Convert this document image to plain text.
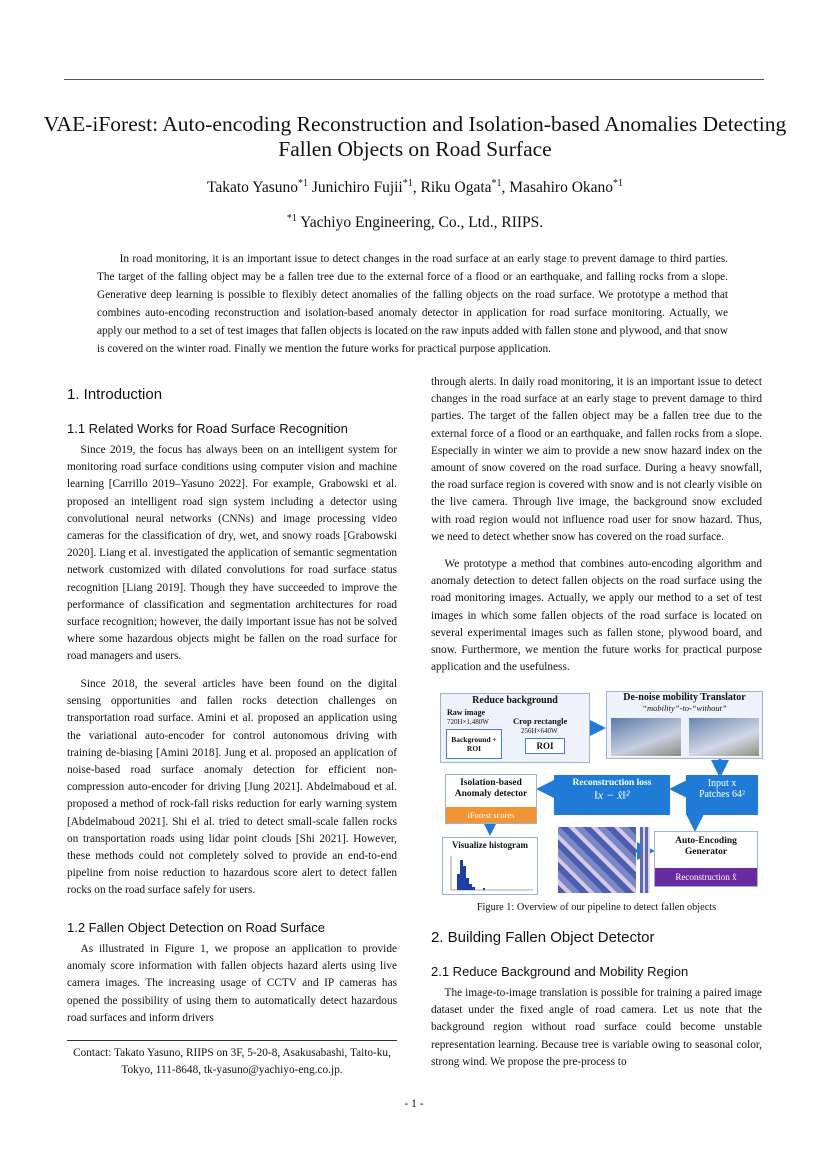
VAE-iForest: Auto-encoding Reconstruction and Isolation-based Anomalies Detecting Fallen Objects on Road Surface
Takato Yasuno$^{*1}$ Junichiro Fujii$^{*1}$, Riku Ogata$^{*1}$, Masahiro Okano$^{*1}$
$^{*1}$ Yachiyo Engineering, Co., Ltd., RIIPS.
In road monitoring, it is an important issue to detect changes in the road surface at an early stage to prevent damage to third parties. The target of the falling object may be a fallen tree due to the external force of a flood or an earthquake, and falling rocks from a slope. Generative deep learning is possible to flexibly detect anomalies of the falling objects on the road surface. We prototype a method that combines auto-encoding reconstruction and isolation-based anomaly detector in application for road surface monitoring. Actually, we apply our method to a set of test images that fallen objects is located on the raw inputs added with fallen stone and plywood, and that snow is covered on the winter road. Finally we mention the future works for practical purpose application.
1. Introduction
1.1 Related Works for Road Surface Recognition

Since 2019, the focus has always been on an intelligent system for monitoring road surface conditions using computer vision and machine learning [Carrillo 2019–Yasuno 2022]. For example, Grabowski et al. proposed an intelligent road sign system including a detector using convolutional neural networks (CNNs) and image processing video cameras for the classification of dry, wet, and snowy roads [Grabowski 2020]. Liang et al. investigated the application of semantic segmentation network customized with dilated convolutions for road surface status recognition [Liang 2019]. Though they have succeeded to improve the performance of classification and segmentation architectures for road surface recognition; however, the daily important issue has not be solved where some hazardous objects might be fallen on the road surface for road managers and users.

Since 2018, the several articles have been found on the digital sensing opportunities and fallen rocks detection challenges on transportation road surface. Amini et al. proposed an application using the variational auto-encoder for control autonomous driving with training de-biasing [Amini 2018]. Jung et al. proposed an application of noise-based road surface anomaly detection for efficient non-compression auto-encoder for driving [Jung 2021]. Abdelmaboud et al. proposed a method of rock-fall risks reduction for early warning system [Abdelmaboud 2021]. Shi el al. tried to detect small-scale fallen rocks on transportation roads using lidar point clouds [Shi 2021]. However, these methods could not completely solved to provide an end-to-end pipeline from noise reduction to hazardous score alert to detect fallen rocks on the road surface safely for users.

1.2 Fallen Object Detection on Road Surface

As illustrated in Figure 1, we propose an application to provide anomaly score information with fallen objects hazard alerts using live camera images. The increasing usage of CCTV and IP cameras has opened the possibility of using them to automatically detect hazardous road surfaces and inform drivers

Contact: Takato Yasuno, RIIPS on 3F, 5-20-8, Asakusabashi, Taito-ku, Tokyo, 111-8648, tk-yasuno@yachiyo-eng.co.jp.

through alerts. In daily road monitoring, it is an important issue to detect changes in the road surface at an early stage to prevent damage to third parties. The target of the fallen object may be a fallen tree due to the external force of a flood or an earthquake, and fallen rocks from a slope. Especially in winter we aim to provide a new snow hazard index on the amount of snow covered on the road surface. During a heavy snowfall, the road surface region is covered with snow and is not clearly visible on the live camera. Through live image, the background snow excluded with road region would not influence road user for snow hazard. Thus, we need to detect whether snow has covered on the road surface.

We prototype a method that combines auto-encoding algorithm and anomaly detection to detect fallen objects on the road surface using the road monitoring images. Actually, we apply our method to a set of test images in which some fallen objects of the road surface is located on several experimental images such as fallen stone, plywood board, and snow. Furthermore, we mention the future works for practical purpose application and the usefulness.

Reduce background
Raw image
720H×1,480W	Crop rectangle
256H×640W
Background + ROI	ROI
De-noise mobility Translator
“mobility”-to-“without”
Isolation-based Anomaly detector
iForest scores
Reconstruction loss
‖x − x̂‖²
Input x
Patches 64²
Visualize histogram	Auto-Encoding Generator
Reconstruction x̂
Figure 1: Overview of our pipeline to detect fallen objects
2. Building Fallen Object Detector
2.1 Reduce Background and Mobility Region

The image-to-image translation is possible for training a paired image dataset under the fixed angle of road camera. Let us note that the background region without road surface could become unstable representation learning. Because tree is variable owing to seasonal color, strong wind. We propose the pre-process to

- 1 -
